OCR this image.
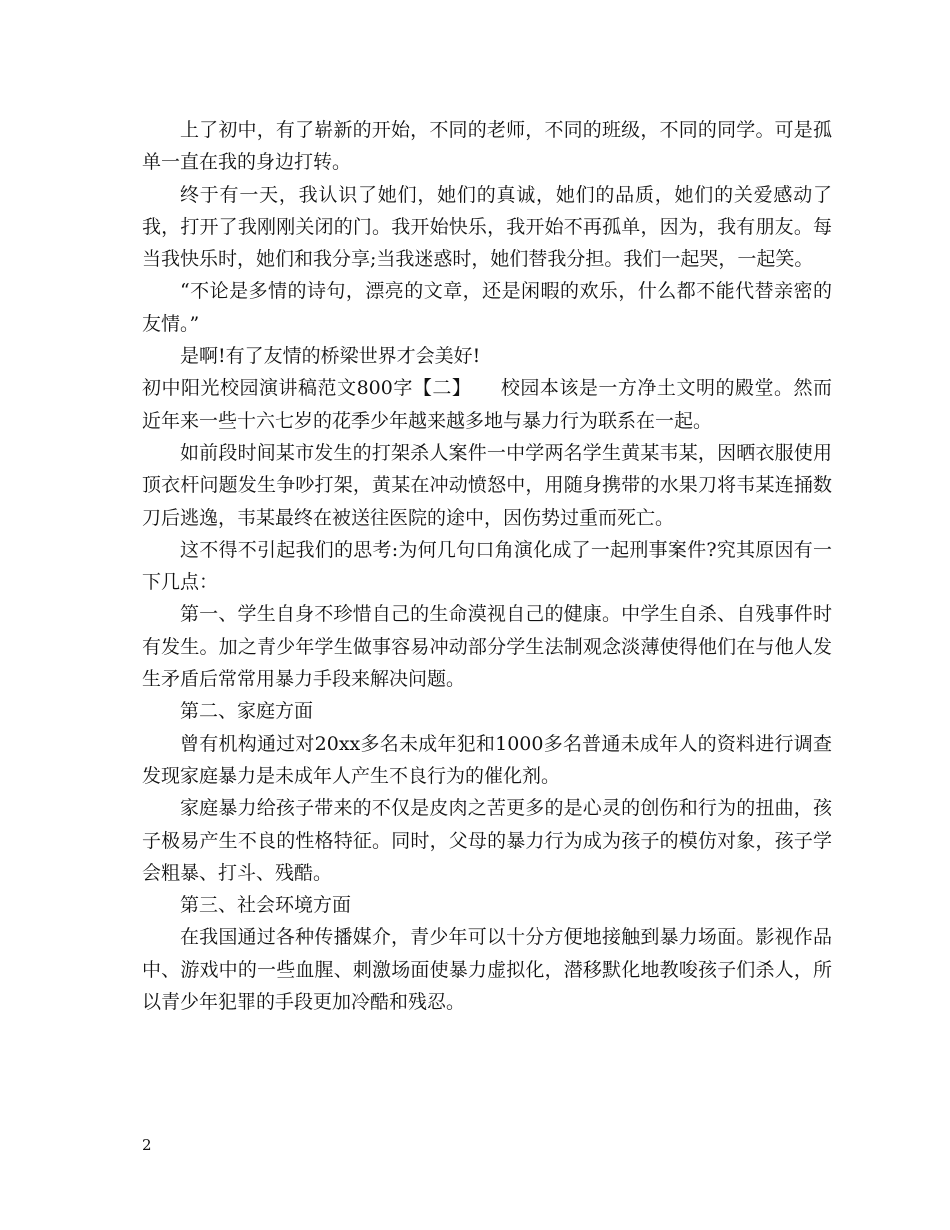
上了初中，有了崭新的开始，不同的老师，不同的班级，不同的同学。可是孤单一直在我的身边打转。

终于有一天，我认识了她们，她们的真诚，她们的品质，她们的关爱感动了我，打开了我刚刚关闭的门。我开始快乐，我开始不再孤单，因为，我有朋友。每当我快乐时，她们和我分享;当我迷惑时，她们替我分担。我们一起哭，一起笑。

“不论是多情的诗句，漂亮的文章，还是闲暇的欢乐，什么都不能代替亲密的友情。”

是啊!有了友情的桥梁世界才会美好!

初中阳光校园演讲稿范文800字【二】　　校园本该是一方净土文明的殿堂。然而近年来一些十六七岁的花季少年越来越多地与暴力行为联系在一起。

如前段时间某市发生的打架杀人案件一中学两名学生黄某韦某，因晒衣服使用顶衣杆问题发生争吵打架，黄某在冲动愤怒中，用随身携带的水果刀将韦某连捅数刀后逃逸，韦某最终在被送往医院的途中，因伤势过重而死亡。

这不得不引起我们的思考:为何几句口角演化成了一起刑事案件?究其原因有一下几点：

第一、学生自身不珍惜自己的生命漠视自己的健康。中学生自杀、自残事件时有发生。加之青少年学生做事容易冲动部分学生法制观念淡薄使得他们在与他人发生矛盾后常常用暴力手段来解决问题。

第二、家庭方面

曾有机构通过对20xx多名未成年犯和1000多名普通未成年人的资料进行调查发现家庭暴力是未成年人产生不良行为的催化剂。

家庭暴力给孩子带来的不仅是皮肉之苦更多的是心灵的创伤和行为的扭曲，孩子极易产生不良的性格特征。同时，父母的暴力行为成为孩子的模仿对象，孩子学会粗暴、打斗、残酷。

第三、社会环境方面

在我国通过各种传播媒介，青少年可以十分方便地接触到暴力场面。影视作品中、游戏中的一些血腥、刺激场面使暴力虚拟化，潜移默化地教唆孩子们杀人，所以青少年犯罪的手段更加冷酷和残忍。

2
